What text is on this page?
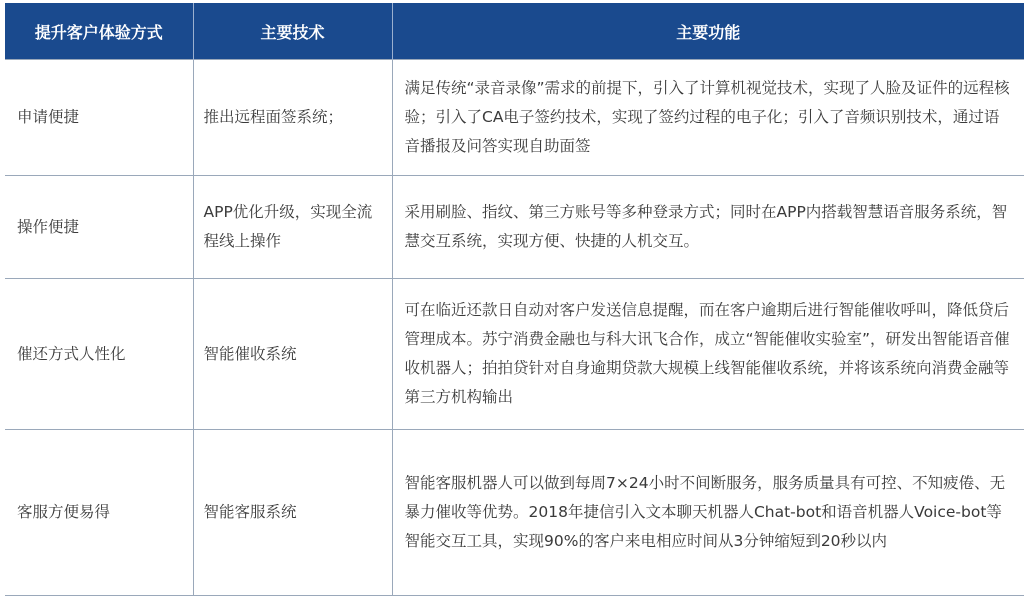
提升客户体验方式	主要技术	主要功能
申请便捷	推出远程面签系统；	满足传统“录音录像”需求的前提下，引入了计算机视觉技术，实现了人脸及证件的远程核验；引入了CA电子签约技术，实现了签约过程的电子化；引入了音频识别技术，通过语音播报及问答实现自助面签
操作便捷	APP优化升级，实现全流程线上操作	采用刷脸、指纹、第三方账号等多种登录方式；同时在APP内搭载智慧语音服务系统，智慧交互系统，实现方便、快捷的人机交互。
催还方式人性化	智能催收系统	可在临近还款日自动对客户发送信息提醒，而在客户逾期后进行智能催收呼叫，降低贷后管理成本。苏宁消费金融也与科大讯飞合作，成立“智能催收实验室”，研发出智能语音催收机器人；拍拍贷针对自身逾期贷款大规模上线智能催收系统，并将该系统向消费金融等第三方机构输出
客服方便易得	智能客服系统	智能客服机器人可以做到每周7×24小时不间断服务，服务质量具有可控、不知疲倦、无暴力催收等优势。2018年捷信引入文本聊天机器人Chat-bot和语音机器人Voice-bot等智能交互工具，实现90%的客户来电相应时间从3分钟缩短到20秒以内
